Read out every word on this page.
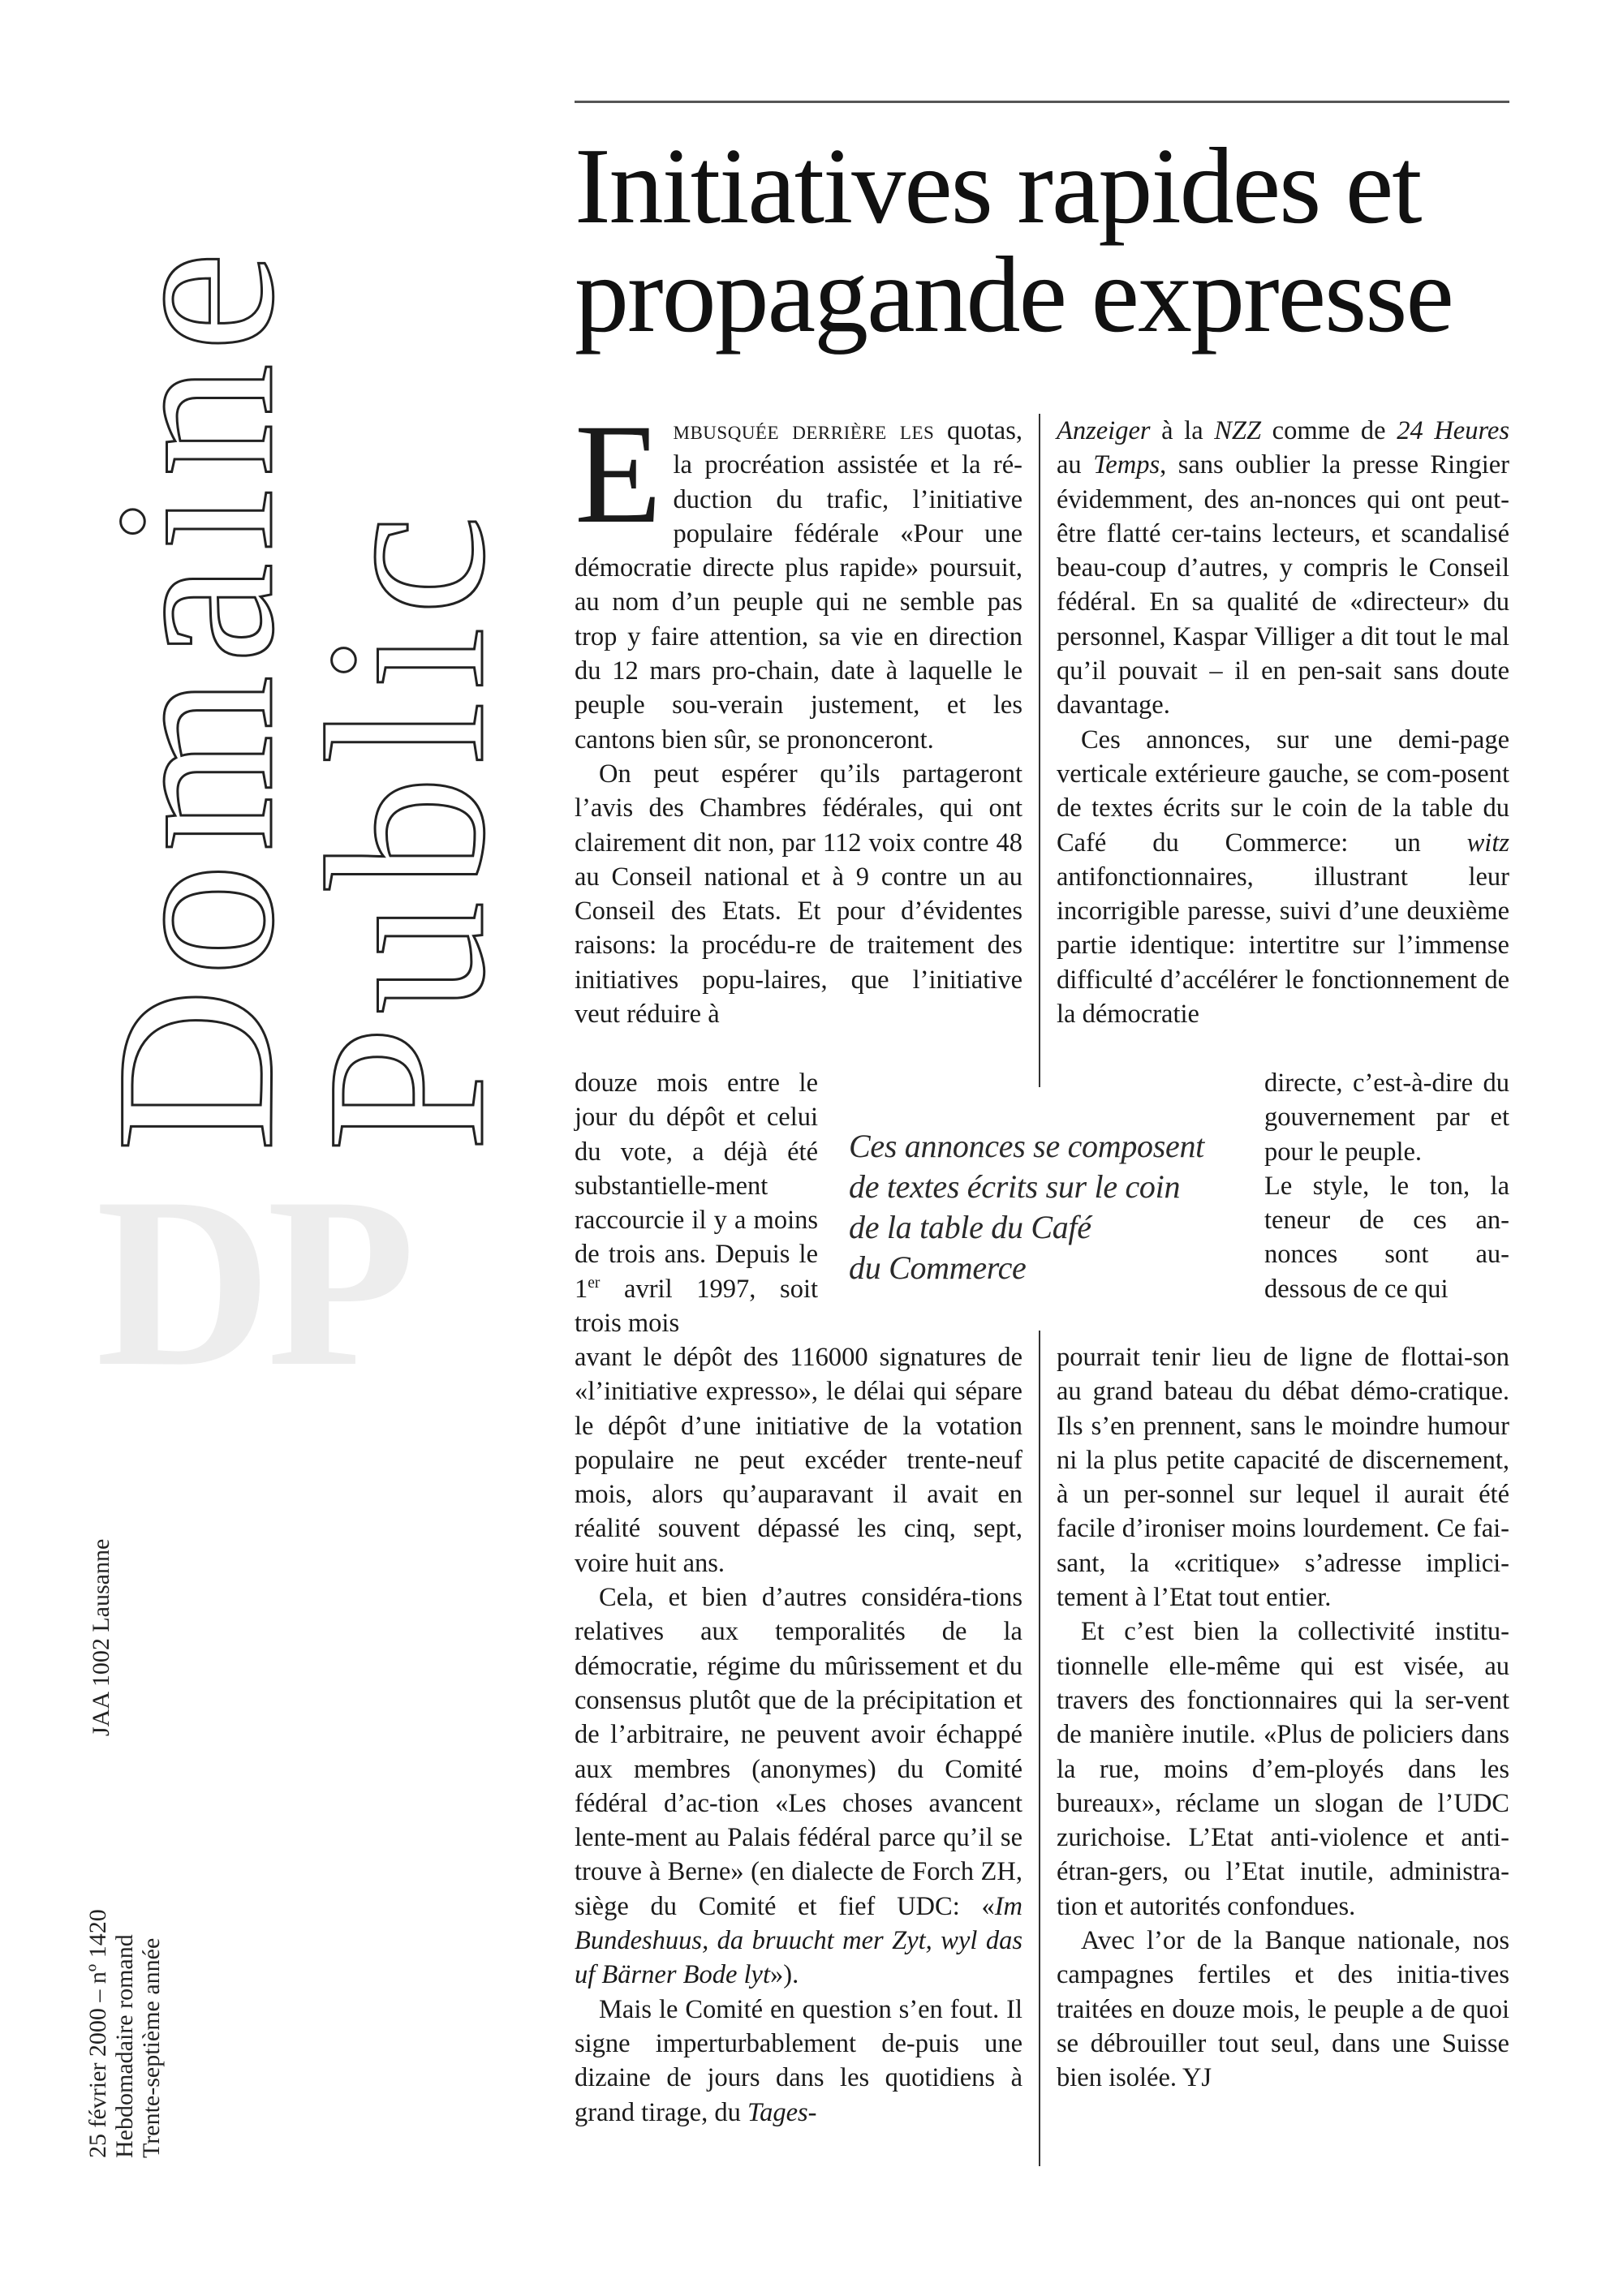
DP
Domaine
Public
JAA 1002 Lausanne
25 février 2000 – nº 1420 Hebdomadaire romand Trente-septième année
Initiatives rapides et
propagande expresse

Embusquée derrière les quotas, la procréation assistée et la ré-duction du trafic, l’initiative populaire fédérale «Pour une démocratie directe plus rapide» poursuit, au nom d’un peuple qui ne semble pas trop y faire attention, sa vie en direction du 12 mars pro-chain, date à laquelle le peuple sou-verain justement, et les cantons bien sûr, se prononceront.

On peut espérer qu’ils partageront l’avis des Chambres fédérales, qui ont clairement dit non, par 112 voix contre 48 au Conseil national et à 9 contre un au Conseil des Etats. Et pour d’évidentes raisons: la procédu-re de traitement des initiatives popu-laires, que l’initiative veut réduire à

douze mois entre le jour du dépôt et celui du vote, a déjà été substantielle-ment raccourcie il y a moins de trois ans. Depuis le 1er avril 1997, soit trois mois

avant le dépôt des 116000 signatures de «l’initiative expresso», le délai qui sépare le dépôt d’une initiative de la votation populaire ne peut excéder trente-neuf mois, alors qu’auparavant il avait en réalité souvent dépassé les cinq, sept, voire huit ans.

Cela, et bien d’autres considéra-tions relatives aux temporalités de la démocratie, régime du mûrissement et du consensus plutôt que de la précipitation et de l’arbitraire, ne peuvent avoir échappé aux membres (anonymes) du Comité fédéral d’ac-tion «Les choses avancent lente-ment au Palais fédéral parce qu’il se trouve à Berne» (en dialecte de Forch ZH, siège du Comité et fief UDC: «Im Bundeshuus, da bruucht mer Zyt, wyl das uf Bärner Bode lyt»).

Mais le Comité en question s’en fout. Il signe imperturbablement de-puis une dizaine de jours dans les quotidiens à grand tirage, du Tages-

Anzeiger à la NZZ comme de 24 Heures au Temps, sans oublier la presse Ringier évidemment, des an-nonces qui ont peut-être flatté cer-tains lecteurs, et scandalisé beau-coup d’autres, y compris le Conseil fédéral. En sa qualité de «directeur» du personnel, Kaspar Villiger a dit tout le mal qu’il pouvait – il en pen-sait sans doute davantage.

Ces annonces, sur une demi-page verticale extérieure gauche, se com-posent de textes écrits sur le coin de la table du Café du Commerce: un witz antifonctionnaires, illustrant leur incorrigible paresse, suivi d’une deuxième partie identique: intertitre sur l’immense difficulté d’accélérer le fonctionnement de la démocratie

directe, c’est-à-dire du gouvernement par et pour le peuple.

Le style, le ton, la teneur de ces an-nonces sont au-dessous de ce qui

Ces annonces se composent
de textes écrits sur le coin
de la table du Café
du Commerce

pourrait tenir lieu de ligne de flottai-son au grand bateau du débat démo-cratique. Ils s’en prennent, sans le moindre humour ni la plus petite capacité de discernement, à un per-sonnel sur lequel il aurait été facile d’ironiser moins lourdement. Ce fai-sant, la «critique» s’adresse implici-tement à l’Etat tout entier.

Et c’est bien la collectivité institu-tionnelle elle-même qui est visée, au travers des fonctionnaires qui la ser-vent de manière inutile. «Plus de policiers dans la rue, moins d’em-ployés dans les bureaux», réclame un slogan de l’UDC zurichoise. L’Etat anti-violence et anti-étran-gers, ou l’Etat inutile, administra-tion et autorités confondues.

Avec l’or de la Banque nationale, nos campagnes fertiles et des initia-tives traitées en douze mois, le peuple a de quoi se débrouiller tout seul, dans une Suisse bien isolée. YJ
